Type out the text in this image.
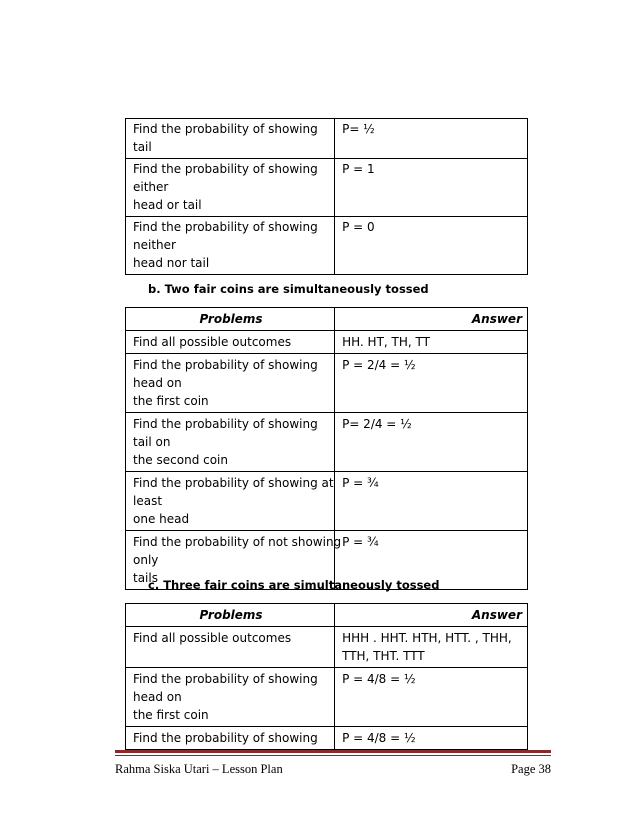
Find the probability of showing
tail	P= ½

Find the probability of showing
either
head or tail	P = 1

Find the probability of showing
neither
head nor tail	P = 0
b. Two fair coins are simultaneously tossed
Problems	Answer

Find all possible outcomes	HH. HT, TH, TT

Find the probability of showing
head on
the first coin	P = 2/4 = ½

Find the probability of showing
tail on
the second coin	P= 2/4 = ½

Find the probability of showing at
least
one head	P = ¾

Find the probability of not showing
only
tails	P = ¾
c. Three fair coins are simultaneously tossed
Problems	Answer

Find all possible outcomes	HHH . HHT. HTH, HTT. , THH,
TTH, THT. TTT

Find the probability of showing
head on
the first coin	P = 4/8 = ½

Find the probability of showing	P = 4/8 = ½
Rahma Siska Utari – Lesson Plan	Page 38
